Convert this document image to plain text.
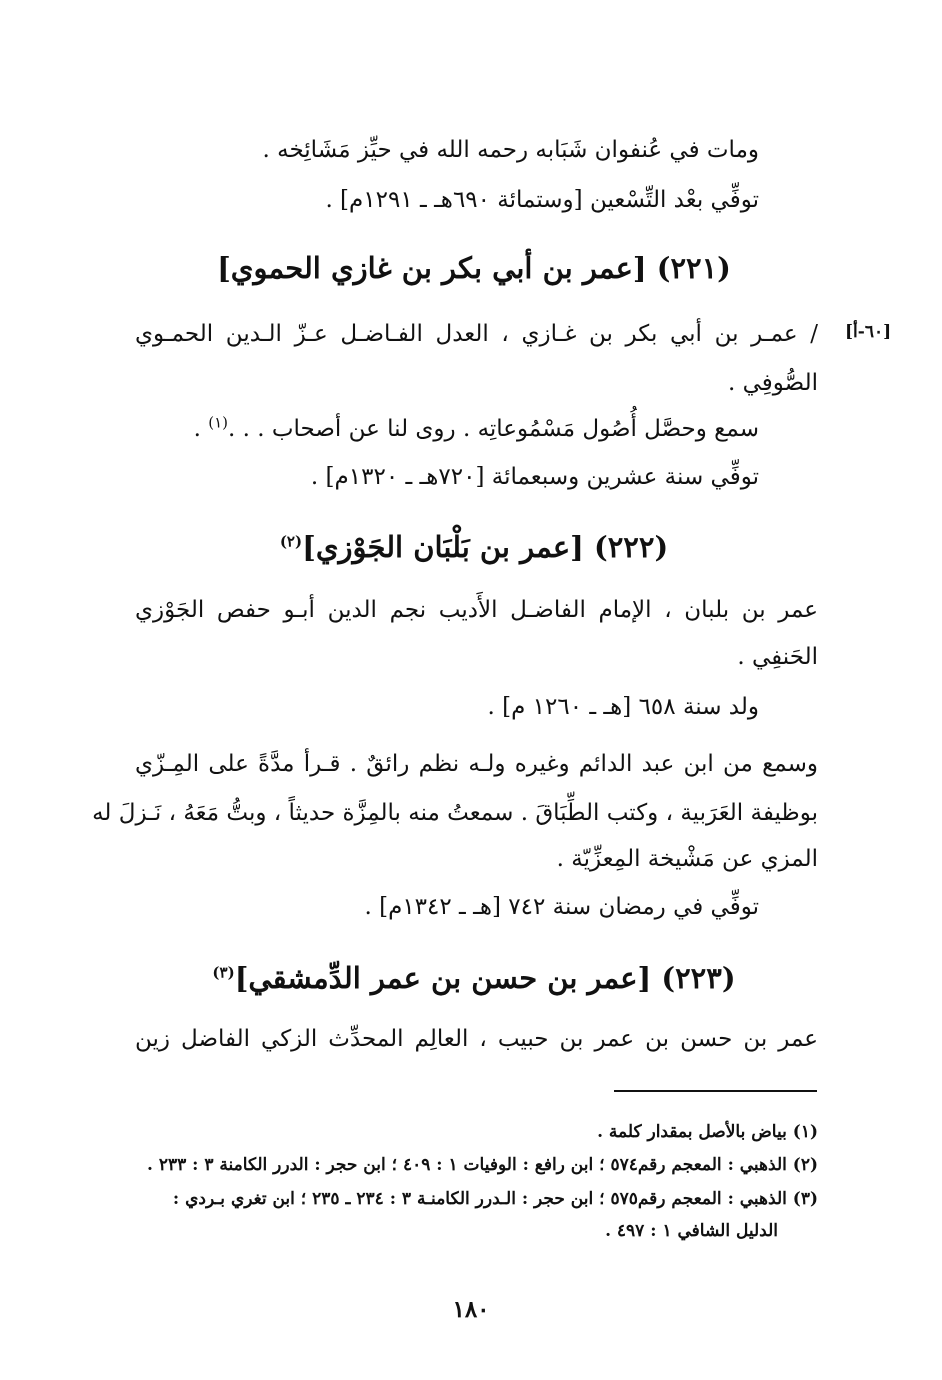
ومات في عُنفوان شَبَابه رحمه الله في حيِّز مَشَائِخه .
توفِّي بعْد التِّسْعين [وستمائة ٦٩٠هـ ـ ١٢٩١م] .
(٢٢١) [عمر بن أبي بكر بن غازي الحموي]
[٦٠-أ]
/ عمـر بن أبي بكر بن غـازي ، العدل الفـاضـل عـزّ الـدين الحمـوي
الصُّوفِي .
سمع وحصَّل أُصُول مَسْمُوعاتِه . روى لنا عن أصحاب . . .$^{(١)}$ .
توفِّي سنة عشرين وسبعمائة [٧٢٠هـ ـ ١٣٢٠م] .
(٢٢٢) [عمر بن بَلْبَان الجَوْزي]$^{(٢)}$
عمر بن بلبان ، الإمام الفاضـل الأَديب نجم الدين أبـو حفص الجَوْزي
الحَنفِي .
ولد سنة ٦٥٨ [هـ ـ ١٢٦٠ م] .
وسمع من ابن عبد الدائم وغيره ولـه نظم رائقٌ . قـرأ مدَّةً على المِـزّي
بوظيفة العَرَبية ، وكتب الطِّبَاقَ . سمعتُ منه بالمِزَّة حديثاً ، وبتُّ مَعَهُ ، نَـزلَ له
المزي عن مَشْيخة المِعزِّيّة .
توفِّي في رمضان سنة ٧٤٢ [هـ ـ ١٣٤٢م] .
(٢٢٣) [عمر بن حسن بن عمر الدِّمشقي]$^{(٣)}$
عمر بن حسن بن عمر بن حبيب ، العالِم المحدِّث الزكي الفاضل زين
(١) بياض بالأصل بمقدار كلمة .
(٢) الذهبي : المعجم رقم٥٧٤ ؛ ابن رافع : الوفيات ١ : ٤٠٩ ؛ ابن حجر : الدرر الكامنة ٣ : ٢٣٣ .
(٣) الذهبي : المعجم رقم٥٧٥ ؛ ابن حجر : الـدرر الكامنـة ٣ : ٢٣٤ ـ ٢٣٥ ؛ ابن تغري بـردي :
الدليل الشافي ١ : ٤٩٧ .
١٨٠
